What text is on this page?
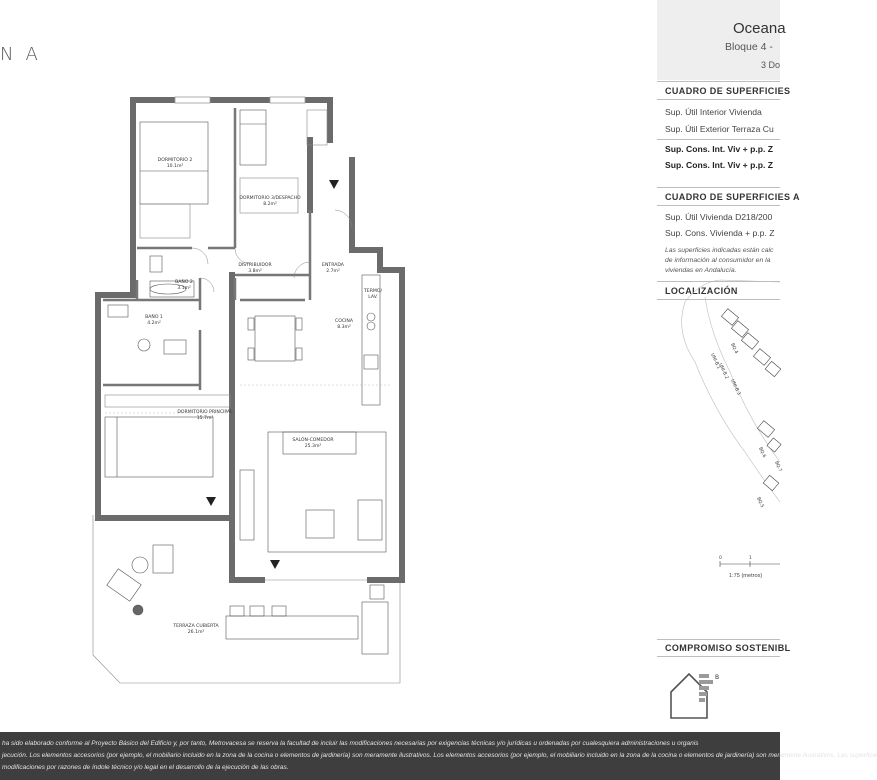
NA
DORMITORIO 2
10.1m²
DORMITORIO 3/DESPACHO
8.2m²
DISTRIBUIDOR
3.8m²
ENTRADA
2.7m²
BAÑO 2
3.1m²
TERMO/
LAV.
BAÑO 1
4.2m²	COCINA
8.3m²
DORMITORIO PRINCIPAL
15.7m²
SALÓN-COMEDOR
25.3m²
TERRAZA CUBIERTA
26.1m²
Oceana
Bloque 4 -
3 Do
CUADRO DE SUPERFICIES
Sup. Útil Interior Vivienda
Sup. Útil Exterior Terraza Cu
Sup. Cons. Int. Viv + p.p. Z
Sup. Cons. Int. Viv + p.p. Z
CUADRO DE SUPERFICIES A
Sup. Útil Vivienda D218/200
Sup. Cons. Vivienda + p.p. Z
Las superficies indicadas están calc
de información al consumidor en la
viviendas en Andalucía.
LOCALIZACIÓN
BQ.4
UNI-B.1
UNI-B.2
UNI-B.3
BQ.6
BQ.7
BQ.5
0	1
1:75 (metros)
COMPROMISO SOSTENIBL
B

ha sido elaborado conforme al Proyecto Básico del Edificio y, por tanto, Metrovacesa se reserva la facultad de incluir las modificaciones necesarias por exigencias técnicas y/o jurídicas u ordenadas por cualesquiera administraciones u organis

jecución. Los elementos accesorios (por ejemplo, el mobiliario incluido en la zona de la cocina o elementos de jardinería) son meramente ilustrativos. Los elementos accesorios (por ejemplo, el mobiliario incluido en la zona de la cocina o elementos de jardinería) son meramente ilustrativos. Las superficie

modificaciones por razones de índole técnico y/o legal en el desarrollo de la ejecución de las obras.
